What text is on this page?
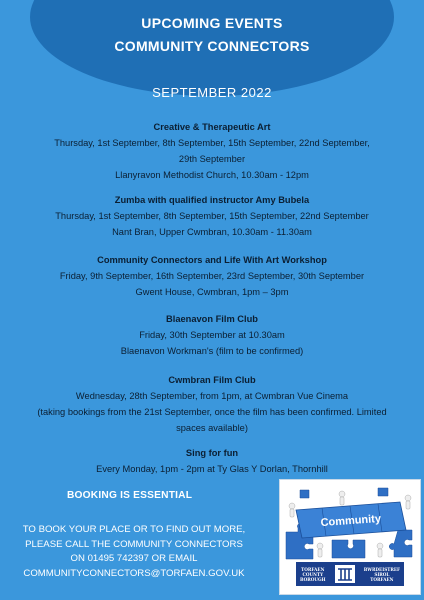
UPCOMING EVENTS
COMMUNITY CONNECTORS
SEPTEMBER 2022
Creative & Therapeutic Art
Thursday, 1st September, 8th September, 15th September, 22nd September,
29th September
Llanyravon Methodist Church, 10.30am - 12pm
Zumba with qualified instructor Amy Bubela
Thursday, 1st September, 8th September, 15th September, 22nd September
Nant Bran, Upper Cwmbran, 10.30am - 11.30am
Community Connectors and Life With Art Workshop
Friday, 9th September, 16th September, 23rd September, 30th September
Gwent House, Cwmbran, 1pm – 3pm
Blaenavon Film Club
Friday, 30th September at 10.30am
Blaenavon Workman's (film to be confirmed)
Cwmbran Film Club
Wednesday, 28th September, from 1pm, at Cwmbran Vue Cinema
(taking bookings from the 21st September, once the film has been confirmed. Limited
spaces available)
Sing for fun
Every Monday, 1pm - 2pm at Ty Glas Y Dorlan, Thornhill
BOOKING IS ESSENTIAL
TO BOOK YOUR PLACE OR TO FIND OUT MORE,
PLEASE CALL THE COMMUNITY CONNECTORS
ON 01495 742397 OR EMAIL
COMMUNITYCONNECTORS@TORFAEN.GOV.UK
Community
TORFAEN
COUNTY
BOROUGH
BWRDEISTREF
SIROL
TORFAEN
